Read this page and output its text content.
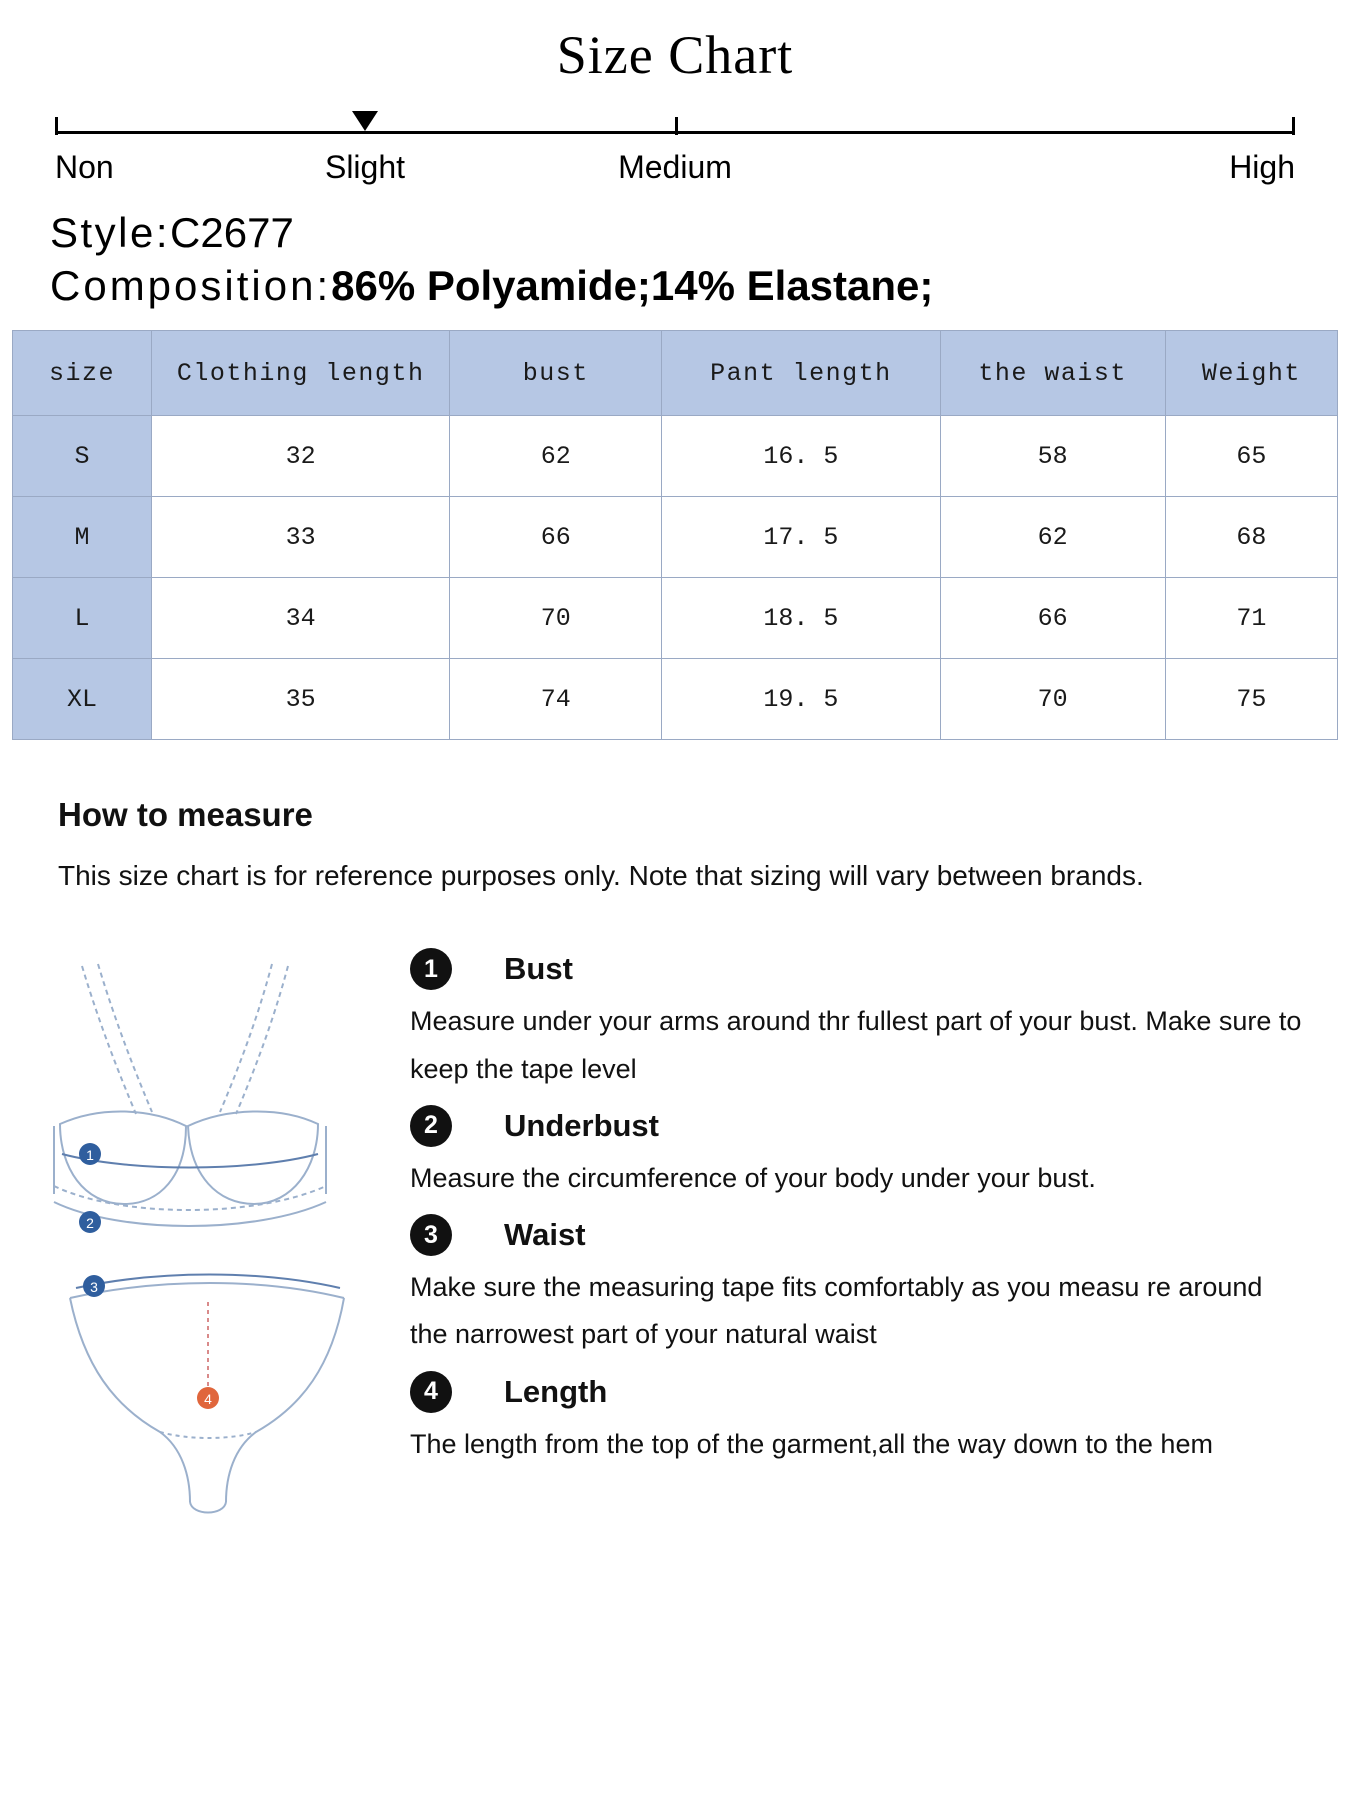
Size Chart
Non	Slight	Medium	High
Style: C2677
Composition: 86% Polyamide;14% Elastane;
size	Clothing length	bust	Pant length	the waist	Weight
S	32	62	16. 5	58	65
M	33	66	17. 5	62	68
L	34	70	18. 5	66	71
XL	35	74	19. 5	70	75
How to measure
This size chart is for reference purposes only. Note that sizing will vary between brands.
1
2
3
4
1	Bust
Measure under your arms around thr fullest part of your bust. Make sure to keep the tape level
2	Underbust
Measure the circumference of your body under your bust.
3	Waist
Make sure the measuring tape fits comfortably as you measu re around the narrowest part of your natural waist
4	Length
The length from the top of the garment,all the way down to the hem
